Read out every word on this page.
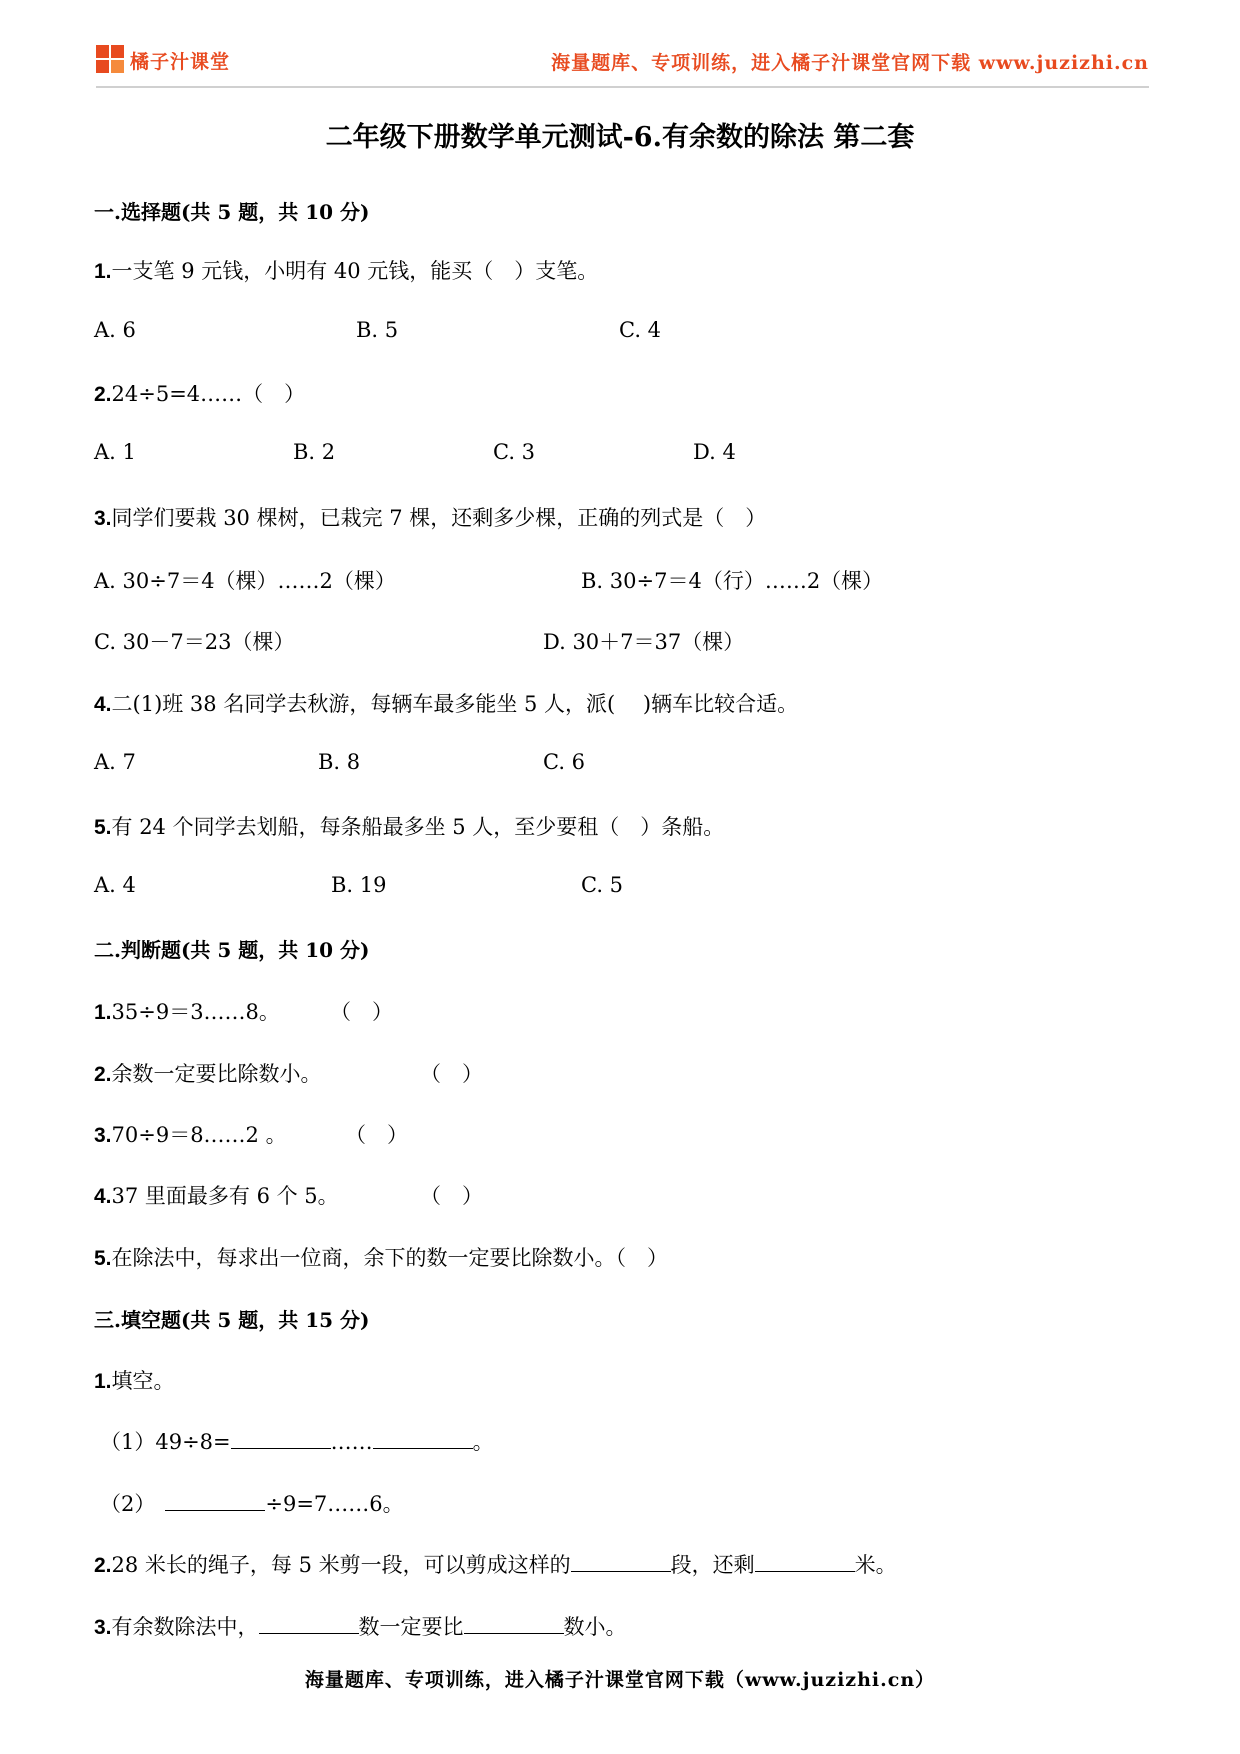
橘子汁课堂	海量题库、专项训练，进入橘子汁课堂官网下载 www.juzizhi.cn
二年级下册数学单元测试-6.有余数的除法 第二套
一.选择题(共 5 题，共 10 分)
1.一支笔 9 元钱，小明有 40 元钱，能买（　）支笔。
A. 6	B. 5	C. 4
2.24÷5=4……（　）
A. 1	B. 2	C. 3	D. 4
3.同学们要栽 30 棵树，已栽完 7 棵，还剩多少棵，正确的列式是（　）
A. 30÷7＝4（棵）……2（棵）	B. 30÷7＝4（行）……2（棵）
C. 30－7＝23（棵）	D. 30＋7＝37（棵）
4.二(1)班 38 名同学去秋游，每辆车最多能坐 5 人，派(　 )辆车比较合适。
A. 7	B. 8	C. 6
5.有 24 个同学去划船，每条船最多坐 5 人，至少要租（　）条船。
A. 4	B. 19	C. 5
二.判断题(共 5 题，共 10 分)
1.35÷9＝3……8。 （　）
2.余数一定要比除数小。	（　）
3.70÷9＝8……2 。	（　）
4.37 里面最多有 6 个 5。	（　）
5.在除法中，每求出一位商，余下的数一定要比除数小。（　）
三.填空题(共 5 题，共 15 分)
1.填空。
（1）49÷8=	……	。
（2）	÷9=7……6。
2.28 米长的绳子，每 5 米剪一段，可以剪成这样的	段，还剩	米。
3.有余数除法中，	数一定要比	数小。
海量题库、专项训练，进入橘子汁课堂官网下载（www.juzizhi.cn）
